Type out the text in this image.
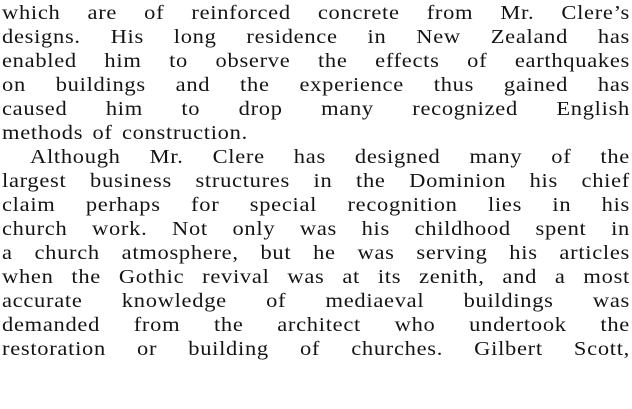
which are of reinforced concrete from Mr. Clere’s
designs. His long residence in New Zealand has
enabled him to observe the effects of earthquakes
on buildings and the experience thus gained has
caused him to drop many recognized English
methods of construction.
Although Mr. Clere has designed many of the
largest business structures in the Dominion his chief
claim perhaps for special recognition lies in his
church work. Not only was his childhood spent in
a church atmosphere, but he was serving his articles
when the Gothic revival was at its zenith, and a most
accurate knowledge of mediaeval buildings was
demanded from the architect who undertook the
restoration or building of churches. Gilbert Scott,
